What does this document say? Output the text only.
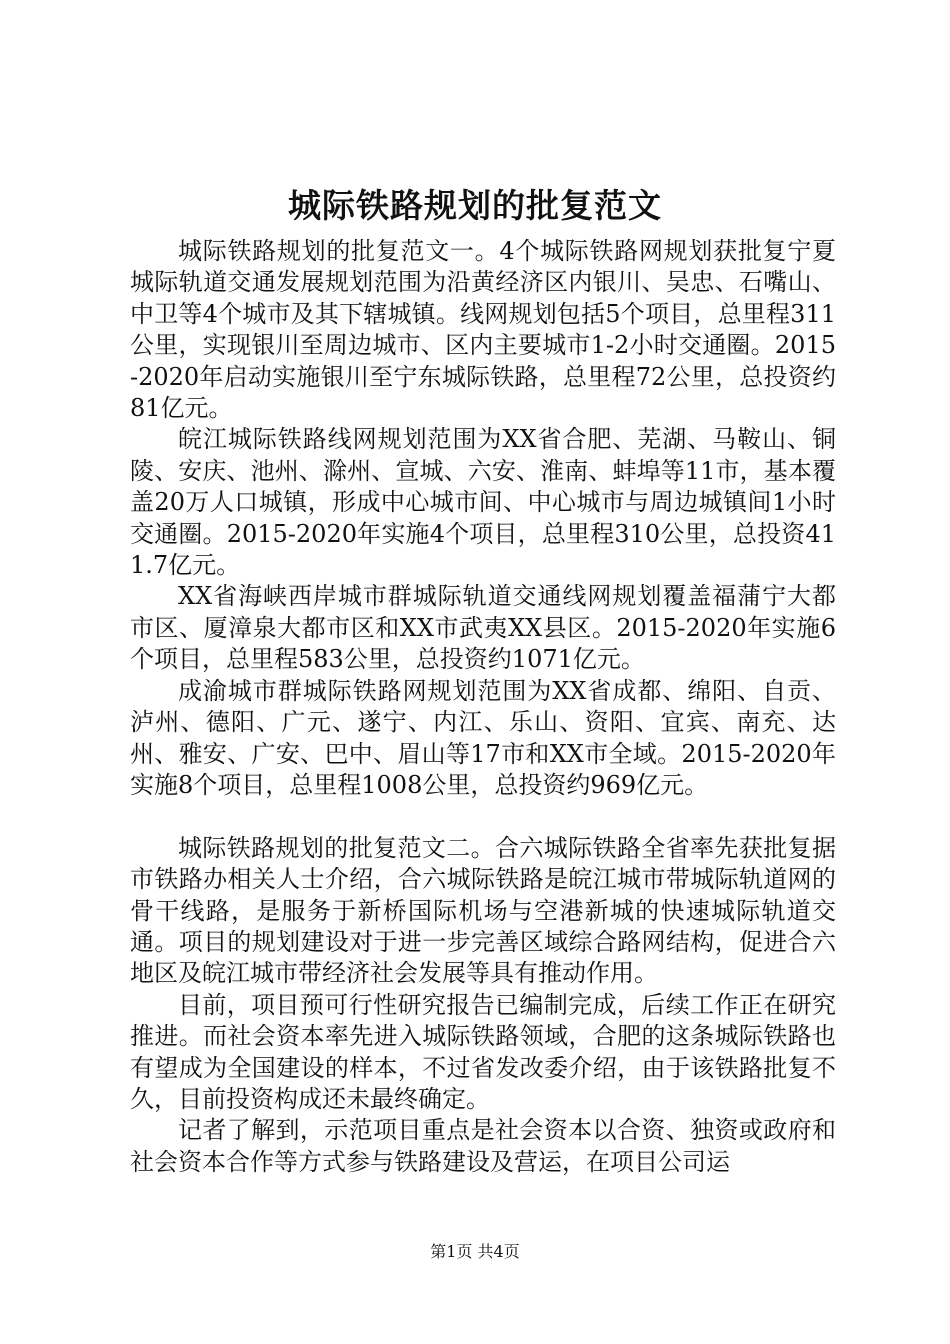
城际铁路规划的批复范文

城际铁路规划的批复范文一。4个城际铁路网规划获批复宁夏城际轨道交通发展规划范围为沿黄经济区内银川、吴忠、石嘴山、中卫等4个城市及其下辖城镇。线网规划包括5个项目，总里程311公里，实现银川至周边城市、区内主要城市1-2小时交通圈。2015-2020年启动实施银川至宁东城际铁路，总里程72公里，总投资约81亿元。

皖江城际铁路线网规划范围为XX省合肥、芜湖、马鞍山、铜陵、安庆、池州、滁州、宣城、六安、淮南、蚌埠等11市，基本覆盖20万人口城镇，形成中心城市间、中心城市与周边城镇间1小时交通圈。2015-2020年实施4个项目，总里程310公里，总投资411.7亿元。

XX省海峡西岸城市群城际轨道交通线网规划覆盖福蒲宁大都市区、厦漳泉大都市区和XX市武夷XX县区。2015-2020年实施6个项目，总里程583公里，总投资约1071亿元。

成渝城市群城际铁路网规划范围为XX省成都、绵阳、自贡、泸州、德阳、广元、遂宁、内江、乐山、资阳、宜宾、南充、达州、雅安、广安、巴中、眉山等17市和XX市全域。2015-2020年实施8个项目，总里程1008公里，总投资约969亿元。

城际铁路规划的批复范文二。合六城际铁路全省率先获批复据市铁路办相关人士介绍，合六城际铁路是皖江城市带城际轨道网的骨干线路，是服务于新桥国际机场与空港新城的快速城际轨道交通。项目的规划建设对于进一步完善区域综合路网结构，促进合六地区及皖江城市带经济社会发展等具有推动作用。

目前，项目预可行性研究报告已编制完成，后续工作正在研究推进。而社会资本率先进入城际铁路领域，合肥的这条城际铁路也有望成为全国建设的样本，不过省发改委介绍，由于该铁路批复不久，目前投资构成还未最终确定。

记者了解到，示范项目重点是社会资本以合资、独资或政府和社会资本合作等方式参与铁路建设及营运，在项目公司运

第1页 共4页
